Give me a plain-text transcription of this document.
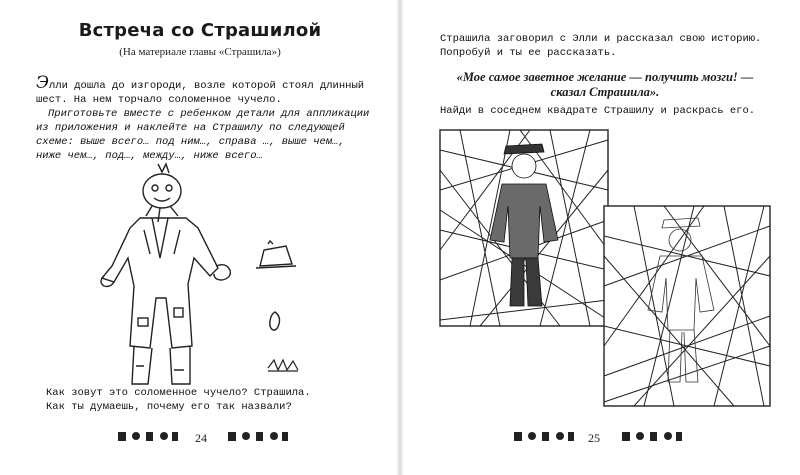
Встреча со Страшилой
(На материале главы «Страшила»)

Элли дошла до изгороди, возле которой стоял длинный шест. На нем торчало соломенное чучело.

Приготовьте вместе с ребенком детали для аппликации из приложения и наклейте на Страшилу по следующей схеме: выше всего… под ним…, справа …, выше чем…, ниже чем…, под…, между…, ниже всего…

Как зовут это соломенное чучело? Страшила.

Как ты думаешь, почему его так назвали?

24
Страшила заговорил с Элли и рассказал свою историю. Попробуй и ты ее рассказать.
«Мое самое заветное желание — получить мозги! — сказал Страшила».
Найди в соседнем квадрате Страшилу и раскрась его.
25
